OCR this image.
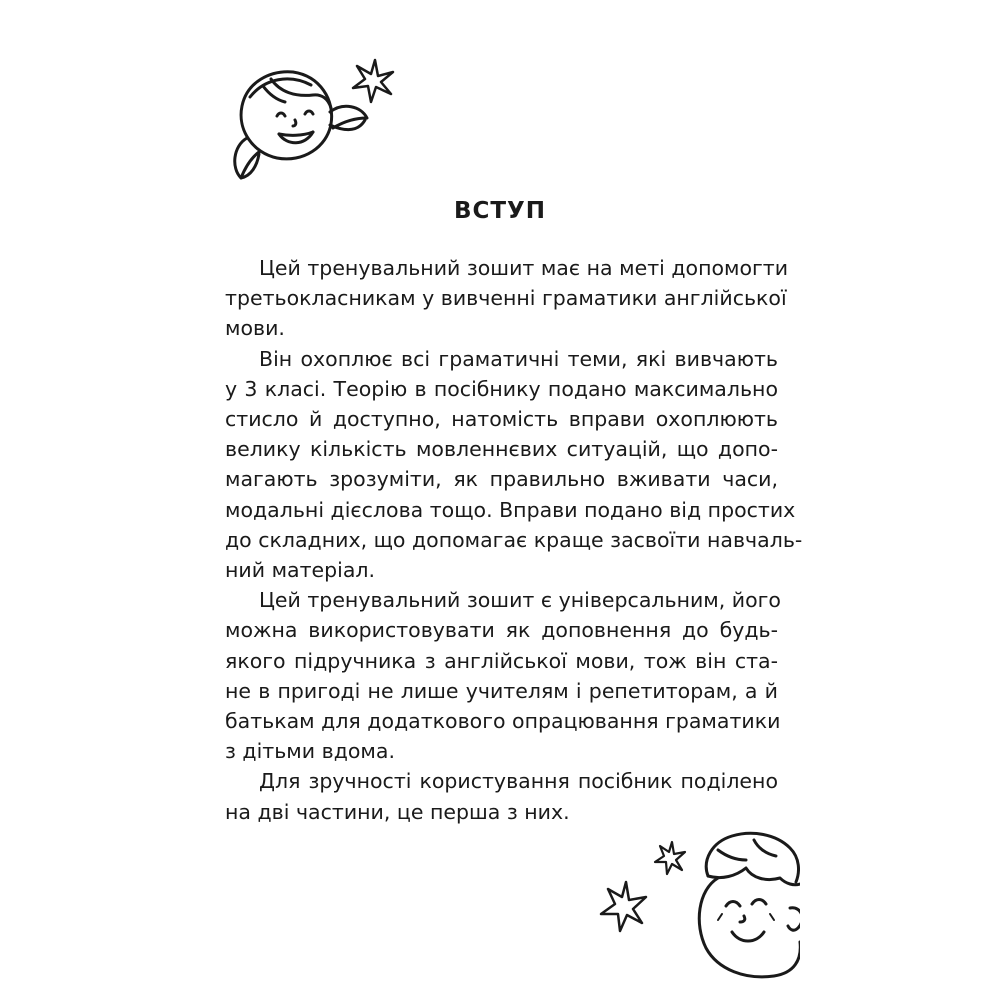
ВСТУП
Цей тренувальний зошит має на меті допомогти
третьокласникам у вивченні граматики англійської
мови.
Він охоплює всі граматичні теми, які вивчають
у 3 класі. Теорію в посібнику подано максимально
стисло й доступно, натомість вправи охоплюють
велику кількість мовленнєвих ситуацій, що допо-
магають зрозуміти, як правильно вживати часи,
модальні дієслова тощо. Вправи подано від простих
до складних, що допомагає краще засвоїти навчаль-
ний матеріал.
Цей тренувальний зошит є універсальним, його
можна використовувати як доповнення до будь-
якого підручника з англійської мови, тож він ста-
не в пригоді не лише учителям і репетиторам, а й
батькам для додаткового опрацювання граматики
з дітьми вдома.
Для зручності користування посібник поділено
на дві частини, це перша з них.
